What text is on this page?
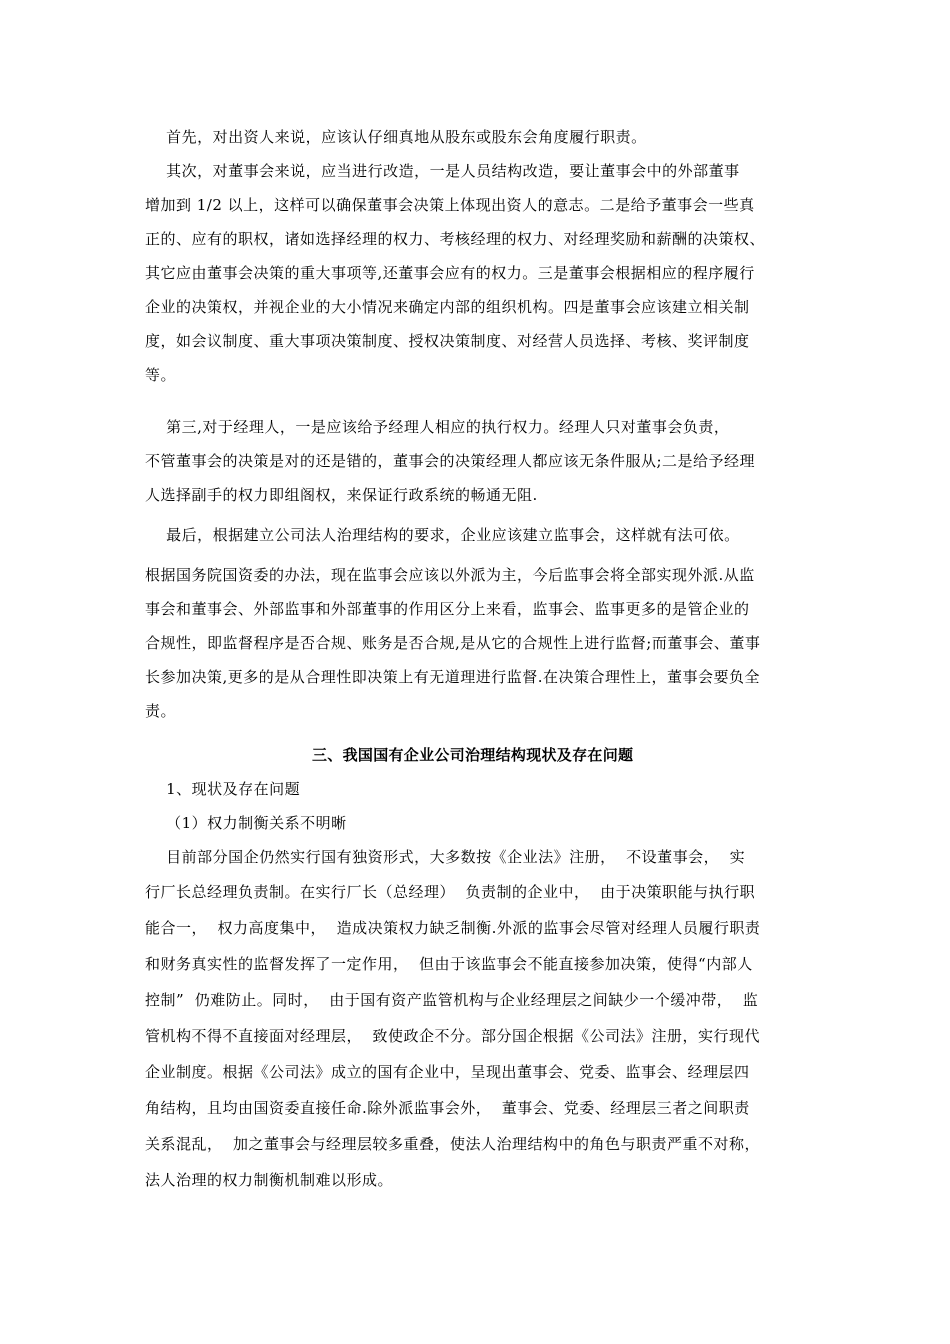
首先，对出资人来说，应该认仔细真地从股东或股东会角度履行职责。
其次，对董事会来说，应当进行改造，一是人员结构改造，要让董事会中的外部董事
增加到 1/2 以上，这样可以确保董事会决策上体现出资人的意志。二是给予董事会一些真
正的、应有的职权，诸如选择经理的权力、考核经理的权力、对经理奖励和薪酬的决策权、
其它应由董事会决策的重大事项等,还董事会应有的权力。三是董事会根据相应的程序履行
企业的决策权，并视企业的大小情况来确定内部的组织机构。四是董事会应该建立相关制
度，如会议制度、重大事项决策制度、授权决策制度、对经营人员选择、考核、奖评制度
等。
第三,对于经理人，一是应该给予经理人相应的执行权力。经理人只对董事会负责，
不管董事会的决策是对的还是错的，董事会的决策经理人都应该无条件服从;二是给予经理
人选择副手的权力即组阁权，来保证行政系统的畅通无阻.
最后，根据建立公司法人治理结构的要求，企业应该建立监事会，这样就有法可依。
根据国务院国资委的办法，现在监事会应该以外派为主，今后监事会将全部实现外派.从监
事会和董事会、外部监事和外部董事的作用区分上来看，监事会、监事更多的是管企业的
合规性，即监督程序是否合规、账务是否合规,是从它的合规性上进行监督;而董事会、董事
长参加决策,更多的是从合理性即决策上有无道理进行监督.在决策合理性上，董事会要负全
责。
三、我国国有企业公司治理结构现状及存在问题
1、现状及存在问题
（1）权力制衡关系不明晰
目前部分国企仍然实行国有独资形式，大多数按《企业法》注册，  不设董事会，  实
行厂长总经理负责制。在实行厂长（总经理）  负责制的企业中，  由于决策职能与执行职
能合一，  权力高度集中，  造成决策权力缺乏制衡.外派的监事会尽管对经理人员履行职责
和财务真实性的监督发挥了一定作用，  但由于该监事会不能直接参加决策，使得“内部人
控制”  仍难防止。同时，  由于国有资产监管机构与企业经理层之间缺少一个缓冲带，  监
管机构不得不直接面对经理层，  致使政企不分。部分国企根据《公司法》注册，实行现代
企业制度。根据《公司法》成立的国有企业中，呈现出董事会、党委、监事会、经理层四
角结构，且均由国资委直接任命.除外派监事会外，  董事会、党委、经理层三者之间职责
关系混乱，  加之董事会与经理层较多重叠，使法人治理结构中的角色与职责严重不对称，
法人治理的权力制衡机制难以形成。
